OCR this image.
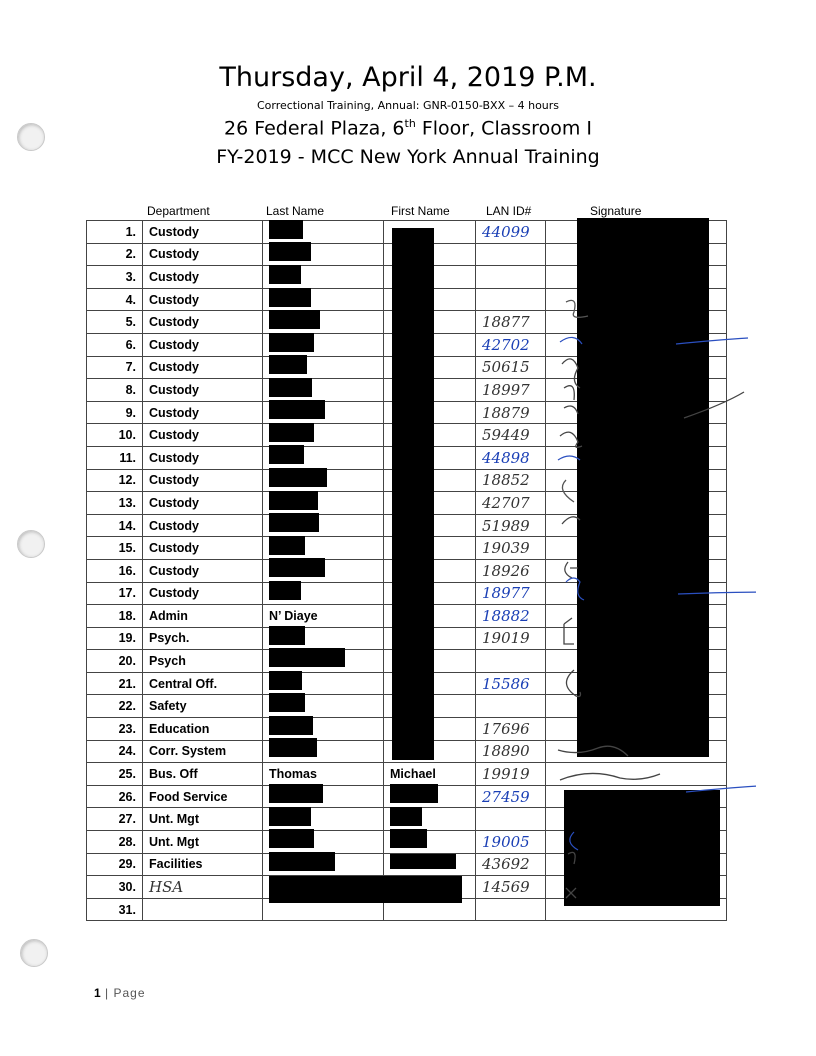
Thursday, April 4, 2019 P.M.
Correctional Training, Annual: GNR-0150-BXX – 4 hours
26 Federal Plaza, 6th Floor, Classroom I
FY-2019 - MCC New York Annual Training
Department	Last Name	First Name	LAN ID#	Signature
1.	Custody			44099	
2.	Custody				
3.	Custody				
4.	Custody				
5.	Custody			18877	
6.	Custody			42702	
7.	Custody			50615	
8.	Custody			18997	
9.	Custody			18879	
10.	Custody			59449	
11.	Custody			44898	
12.	Custody			18852	
13.	Custody			42707	
14.	Custody			51989	
15.	Custody			19039	
16.	Custody			18926	
17.	Custody			18977	
18.	Admin	N’ Diaye		18882	
19.	Psych.			19019	
20.	Psych				
21.	Central Off.			15586	
22.	Safety				
23.	Education			17696	
24.	Corr. System			18890	
25.	Bus. Off	Thomas	Michael	19919	
26.	Food Service			27459	
27.	Unt. Mgt				
28.	Unt. Mgt			19005	
29.	Facilities			43692	
30.	HSA			14569	
31.					
1 | Page
